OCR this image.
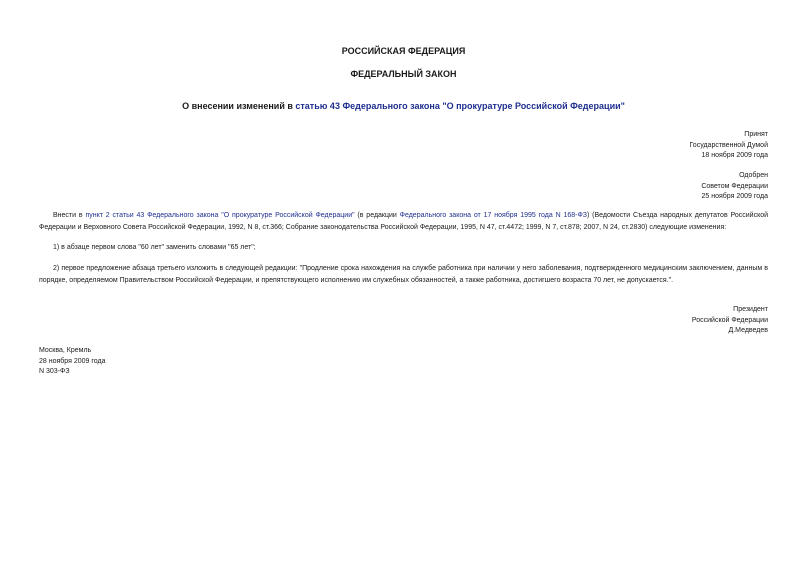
РОССИЙСКАЯ ФЕДЕРАЦИЯ
ФЕДЕРАЛЬНЫЙ ЗАКОН
О внесении изменений в статью 43 Федерального закона "О прокуратуре Российской Федерации"
Принят
Государственной Думой
18 ноября 2009 года
Одобрен
Советом Федерации
25 ноября 2009 года
Внести в пункт 2 статьи 43 Федерального закона "О прокуратуре Российской Федерации" (в редакции Федерального закона от 17 ноября 1995 года N 168-ФЗ) (Ведомости Съезда народных депутатов Российской Федерации и Верховного Совета Российской Федерации, 1992, N 8, ст.366; Собрание законодательства Российской Федерации, 1995, N 47, ст.4472; 1999, N 7, ст.878; 2007, N 24, ст.2830) следующие изменения:
1) в абзаце первом слова "60 лет" заменить словами "65 лет";
2) первое предложение абзаца третьего изложить в следующей редакции: "Продление срока нахождения на службе работника при наличии у него заболевания, подтвержденного медицинским заключением, данным в порядке, определяемом Правительством Российской Федерации, и препятствующего исполнению им служебных обязанностей, а также работника, достигшего возраста 70 лет, не допускается.".
Президент
Российской Федерации
Д.Медведев
Москва, Кремль
28 ноября 2009 года
N 303-ФЗ
